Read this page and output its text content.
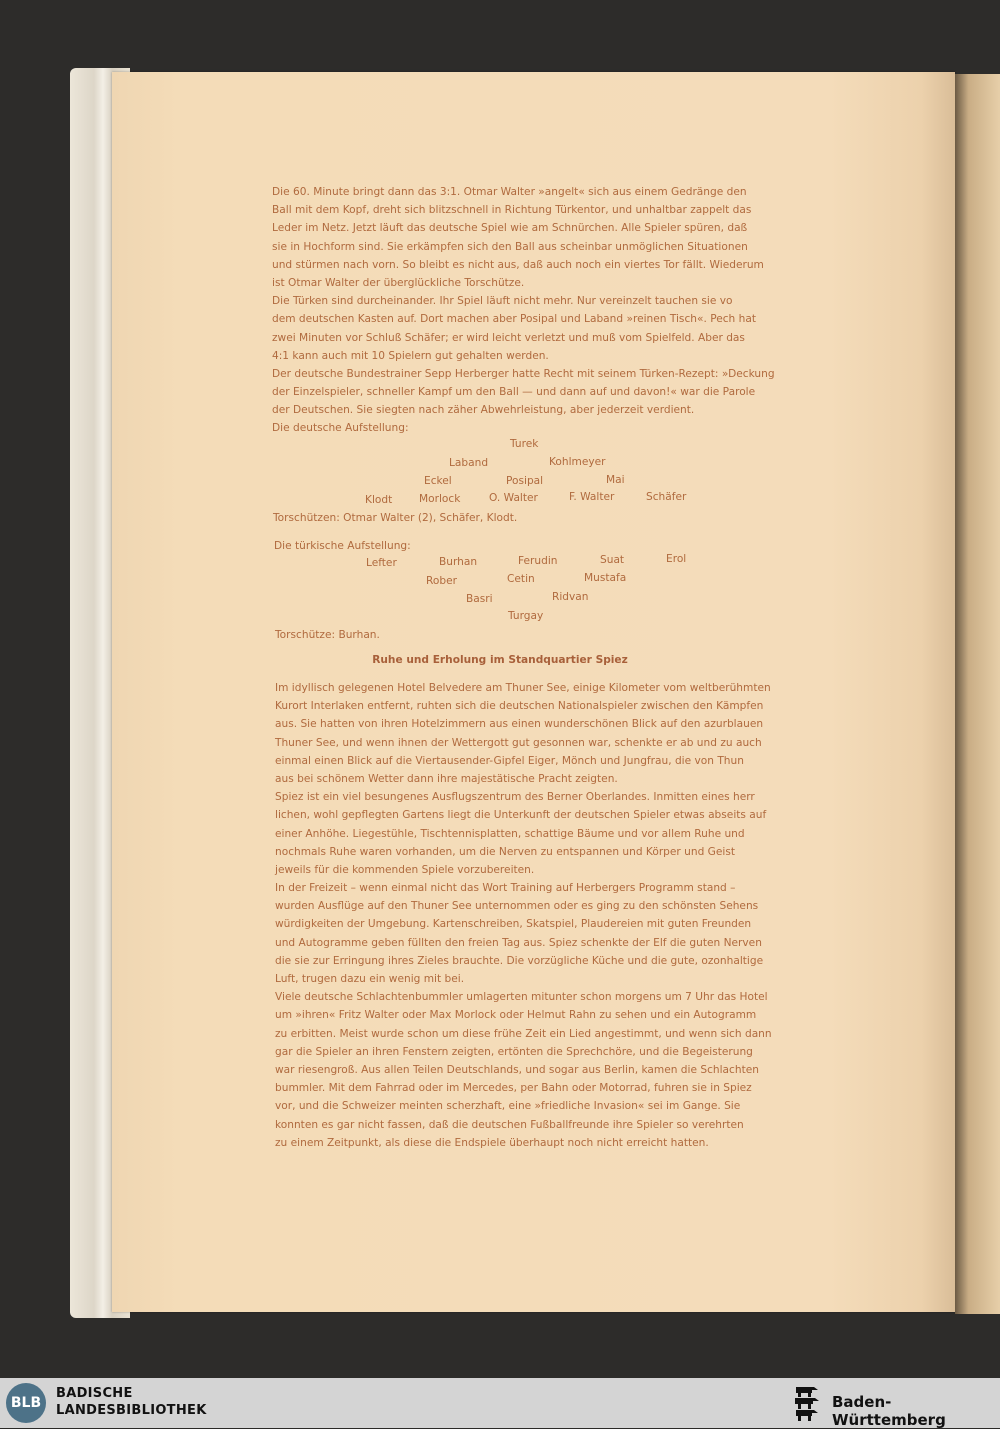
Die 60. Minute bringt dann das 3:1. Otmar Walter »angelt« sich aus einem Gedränge den
Ball mit dem Kopf, dreht sich blitzschnell in Richtung Türkentor, und unhaltbar zappelt das
Leder im Netz. Jetzt läuft das deutsche Spiel wie am Schnürchen. Alle Spieler spüren, daß
sie in Hochform sind. Sie erkämpfen sich den Ball aus scheinbar unmöglichen Situationen
und stürmen nach vorn. So bleibt es nicht aus, daß auch noch ein viertes Tor fällt. Wiederum
ist Otmar Walter der überglückliche Torschütze.
Die Türken sind durcheinander. Ihr Spiel läuft nicht mehr. Nur vereinzelt tauchen sie vo
dem deutschen Kasten auf. Dort machen aber Posipal und Laband »reinen Tisch«. Pech hat
zwei Minuten vor Schluß Schäfer; er wird leicht verletzt und muß vom Spielfeld. Aber das
4:1 kann auch mit 10 Spielern gut gehalten werden.
Der deutsche Bundestrainer Sepp Herberger hatte Recht mit seinem Türken-Rezept: »Deckung
der Einzelspieler, schneller Kampf um den Ball — und dann auf und davon!« war die Parole
der Deutschen. Sie siegten nach zäher Abwehrleistung, aber jederzeit verdient.
Die deutsche Aufstellung:
Turek
Laband	Kohlmeyer
Eckel	Posipal	Mai
Klodt	Morlock	O. Walter	F. Walter	Schäfer
Torschützen: Otmar Walter (2), Schäfer, Klodt.
Die türkische Aufstellung:
Lefter	Burhan	Ferudin	Suat	Erol
Rober	Cetin	Mustafa
Basri	Ridvan
Turgay
Torschütze: Burhan.
Ruhe und Erholung im Standquartier Spiez
Im idyllisch gelegenen Hotel Belvedere am Thuner See, einige Kilometer vom weltberühmten
Kurort Interlaken entfernt, ruhten sich die deutschen Nationalspieler zwischen den Kämpfen
aus. Sie hatten von ihren Hotelzimmern aus einen wunderschönen Blick auf den azurblauen
Thuner See, und wenn ihnen der Wettergott gut gesonnen war, schenkte er ab und zu auch
einmal einen Blick auf die Viertausender-Gipfel Eiger, Mönch und Jungfrau, die von Thun
aus bei schönem Wetter dann ihre majestätische Pracht zeigten.
Spiez ist ein viel besungenes Ausflugszentrum des Berner Oberlandes. Inmitten eines herr
lichen, wohl gepflegten Gartens liegt die Unterkunft der deutschen Spieler etwas abseits auf
einer Anhöhe. Liegestühle, Tischtennisplatten, schattige Bäume und vor allem Ruhe und
nochmals Ruhe waren vorhanden, um die Nerven zu entspannen und Körper und Geist
jeweils für die kommenden Spiele vorzubereiten.
In der Freizeit – wenn einmal nicht das Wort Training auf Herbergers Programm stand –
wurden Ausflüge auf den Thuner See unternommen oder es ging zu den schönsten Sehens
würdigkeiten der Umgebung. Kartenschreiben, Skatspiel, Plaudereien mit guten Freunden
und Autogramme geben füllten den freien Tag aus. Spiez schenkte der Elf die guten Nerven
die sie zur Erringung ihres Zieles brauchte. Die vorzügliche Küche und die gute, ozonhaltige
Luft, trugen dazu ein wenig mit bei.
Viele deutsche Schlachtenbummler umlagerten mitunter schon morgens um 7 Uhr das Hotel
um »ihren« Fritz Walter oder Max Morlock oder Helmut Rahn zu sehen und ein Autogramm
zu erbitten. Meist wurde schon um diese frühe Zeit ein Lied angestimmt, und wenn sich dann
gar die Spieler an ihren Fenstern zeigten, ertönten die Sprechchöre, und die Begeisterung
war riesengroß. Aus allen Teilen Deutschlands, und sogar aus Berlin, kamen die Schlachten
bummler. Mit dem Fahrrad oder im Mercedes, per Bahn oder Motorrad, fuhren sie in Spiez
vor, und die Schweizer meinten scherzhaft, eine »friedliche Invasion« sei im Gange. Sie
konnten es gar nicht fassen, daß die deutschen Fußballfreunde ihre Spieler so verehrten
zu einem Zeitpunkt, als diese die Endspiele überhaupt noch nicht erreicht hatten.
BLB
BADISCHE
LANDESBIBLIOTHEK	Baden-Württemberg
